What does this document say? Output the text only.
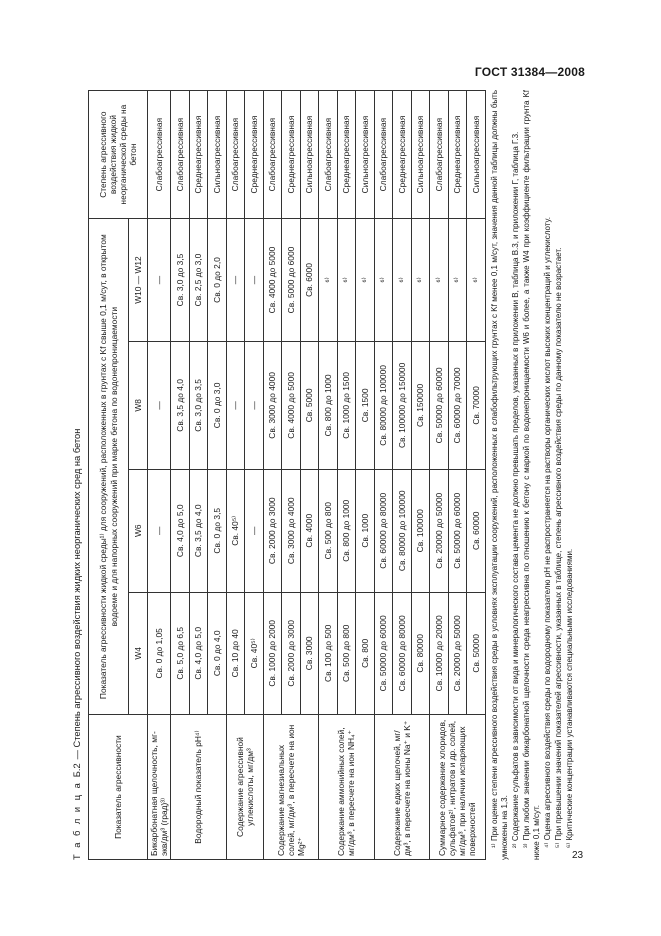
ГОСТ 31384—2008
Т а б л и ц а
Б.2
— Степень агрессивного воздействия жидких неорганических сред на бетон
Показатель агрессивности	Показатель агрессивности жидкой среды¹⁾ для сооружений, расположенных в грунтах с Kf свыше 0,1 м/сут, в открытом водоеме и для напорных сооружений при марке бетона по водонепроницаемости				Степень агрессивного воздействия жидкой неорганической среды на бетон
	W4	W6	W8	W10 — W12	
Бикарбонатная щелочность, мг-экв/дм³ (град)³⁾	Св. 0 до 1,05	—	—	—	Слабоагрессивная
Водородный показатель pH⁴⁾	Св. 5,0 до 6,5	Св. 4,0 до 5,0	Св. 3,5 до 4,0	Св. 3,0 до 3,5	Слабоагрессивная
	Св. 4,0 до 5,0	Св. 3,5 до 4,0	Св. 3,0 до 3,5	Св. 2,5 до 3,0	Среднеагрессивная
	Св. 0 до 4,0	Св. 0 до 3,5	Св. 0 до 3,0	Св. 0 до 2,0	Сильноагрессивная
Содержание агрессивной углекислоты, мг/дм³	Св. 10 до 40	Св. 40⁵⁾	—	—	Слабоагрессивная
	Св. 40⁵⁾	—	—	—	Среднеагрессивная
Содержание магнезиальных солей, мг/дм³, в пересчете на ион Mg²⁺	Св. 1000 до 2000	Св. 2000 до 3000	Св. 3000 до 4000	Св. 4000 до 5000	Слабоагрессивная
	Св. 2000 до 3000	Св. 3000 до 4000	Св. 4000 до 5000	Св. 5000 до 6000	Среднеагрессивная
	Св. 3000	Св. 4000	Св. 5000	Св. 6000	Сильноагрессивная
Содержание аммонийных солей, мг/дм³, в пересчете на ион NH₄⁺	Св. 100 до 500	Св. 500 до 800	Св. 800 до 1000	⁶⁾	Слабоагрессивная
	Св. 500 до 800	Св. 800 до 1000	Св. 1000 до 1500	⁶⁾	Среднеагрессивная
	Св. 800	Св. 1000	Св. 1500	⁶⁾	Сильноагрессивная
Содержание едких щелочей, мг/дм³, в пересчете на ионы Na⁺ и K⁺	Св. 50000 до 60000	Св. 60000 до 80000	Св. 80000 до 100000	⁶⁾	Слабоагрессивная
	Св. 60000 до 80000	Св. 80000 до 100000	Св. 100000 до 150000	⁶⁾	Среднеагрессивная
	Св. 80000	Св. 100000	Св. 150000	⁶⁾	Сильноагрессивная
Суммарное содержание хлоридов, сульфатов²⁾, нитратов и др. солей, мг/дм³, при наличии испаряющих поверхностей	Св. 10000 до 20000	Св. 20000 до 50000	Св. 50000 до 60000	⁶⁾	Слабоагрессивная
	Св. 20000 до 50000	Св. 50000 до 60000	Св. 60000 до 70000	⁶⁾	Среднеагрессивная
	Св. 50000	Св. 60000	Св. 70000	⁶⁾	Сильноагрессивная ¹⁾ При оценке степени агрессивного воздействия среды в условиях эксплуатации сооружений, расположенных в слабофильтрующих грунтах с Kf менее 0,1 м/сут, значения данной таблицы должны быть умножены на 1,3. ²⁾ Содержание сульфатов в зависимости от вида и минералогического состава цемента не должно превышать пределов, указанных в приложении В, таблица В.3, и приложении Г, таблица Г.3. ³⁾ При любом значении бикарбонатной щелочности среда неагрессивна по отношению к бетону с маркой по водонепроницаемости W6 и более, а также W4 при коэффициенте фильтрации грунта Kf ниже 0,1 м/сут. ⁴⁾ Оценка агрессивного воздействия среды по водородному показателю pH не распространяется на растворы органических кислот высоких концентраций и углекислоту. ⁵⁾ При превышении значений показателей агрессивности, указанных в таблице, степень агрессивного воздействия среды по данному показателю не возрастает. ⁶⁾ Критические концентрации устанавливаются специальными исследованиями.

23
